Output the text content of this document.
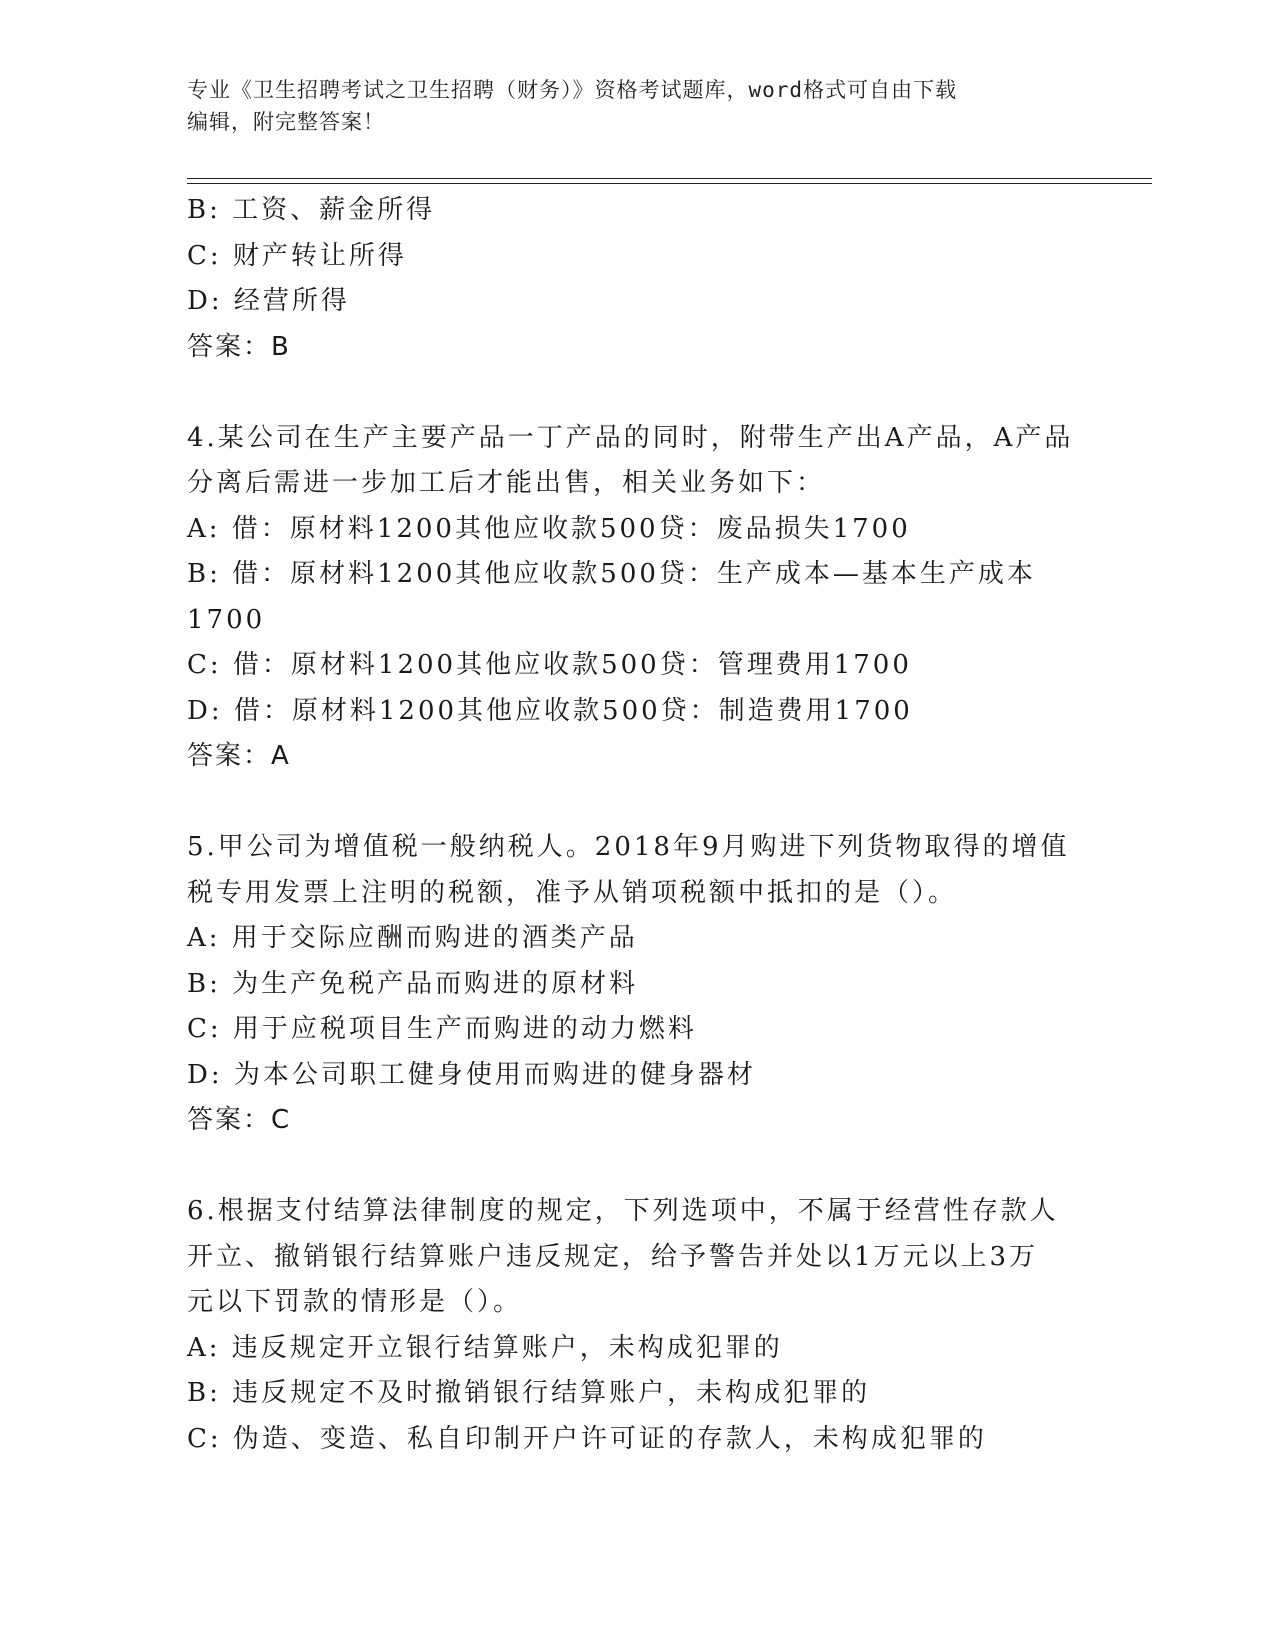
专业《卫生招聘考试之卫生招聘（财务）》资格考试题库，word格式可自由下载
编辑，附完整答案！
B: 工资、薪金所得
C: 财产转让所得
D: 经营所得
答案：B
4.某公司在生产主要产品一丁产品的同时，附带生产出A产品，A产品
分离后需进一步加工后才能出售，相关业务如下：
A: 借：原材料1200其他应收款500贷：废品损失1700
B: 借：原材料1200其他应收款500贷：生产成本—基本生产成本
1700
C: 借：原材料1200其他应收款500贷：管理费用1700
D: 借：原材料1200其他应收款500贷：制造费用1700
答案：A
5.甲公司为增值税一般纳税人。2018年9月购进下列货物取得的增值
税专用发票上注明的税额，准予从销项税额中抵扣的是（）。
A: 用于交际应酬而购进的酒类产品
B: 为生产免税产品而购进的原材料
C: 用于应税项目生产而购进的动力燃料
D: 为本公司职工健身使用而购进的健身器材
答案：C
6.根据支付结算法律制度的规定，下列选项中，不属于经营性存款人
开立、撤销银行结算账户违反规定，给予警告并处以1万元以上3万
元以下罚款的情形是（）。
A: 违反规定开立银行结算账户，未构成犯罪的
B: 违反规定不及时撤销银行结算账户，未构成犯罪的
C: 伪造、变造、私自印制开户许可证的存款人，未构成犯罪的
